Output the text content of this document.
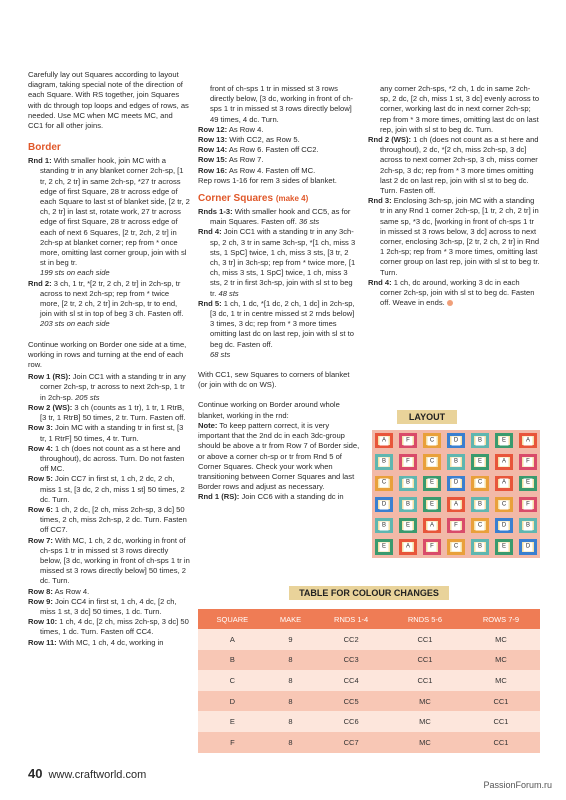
Carefully lay out Squares according to layout diagram, taking special note of the direction of each Square. With RS together, join Squares with dc through top loops and edges of rows, as needed. Use MC when MC meets MC, and CC1 for all other joins.

Border
Rnd 1: With smaller hook, join MC with a standing tr in any blanket corner 2ch-sp, [1 tr, 2 ch, 2 tr] in same 2ch-sp, *27 tr across edge of first Square, 28 tr across edge of each Square to last st of blanket side, [2 tr, 2 ch, 2 tr] in last st, rotate work, 27 tr across edge of first Square, 28 tr across edge of each of next 6 Squares, [2 tr, 2ch, 2 tr] in 2ch-sp at blanket corner; rep from * once more, omitting last corner group, join with sl st in beg tr.
199 sts on each side

Rnd 2: 3 ch, 1 tr, *[2 tr, 2 ch, 2 tr] in 2ch-sp, tr across to next 2ch-sp; rep from * twice more, [2 tr, 2 ch, 2 tr] in 2ch-sp, tr to end, join with sl st in top of beg 3 ch. Fasten off. 203 sts on each side

Continue working on Border one side at a time, working in rows and turning at the end of each row.

Row 1 (RS): Join CC1 with a standing tr in any corner 2ch-sp, tr across to next 2ch-sp, 1 tr in 2ch-sp. 205 sts
Row 2 (WS): 3 ch (counts as 1 tr), 1 tr, 1 RtrB, [3 tr, 1 RtrB] 50 times, 2 tr. Turn. Fasten off.
Row 3: Join MC with a standing tr in first st, [3 tr, 1 RtrF] 50 times, 4 tr. Turn.
Row 4: 1 ch (does not count as a st here and throughout), dc across. Turn. Do not fasten off MC.
Row 5: Join CC7 in first st, 1 ch, 2 dc, 2 ch, miss 1 st, [3 dc, 2 ch, miss 1 st] 50 times, 2 dc. Turn.
Row 6: 1 ch, 2 dc, [2 ch, miss 2ch-sp, 3 dc] 50 times, 2 ch, miss 2ch-sp, 2 dc. Turn. Fasten off CC7.
Row 7: With MC, 1 ch, 2 dc, working in front of ch-sps 1 tr in missed st 3 rows directly below, [3 dc, working in front of ch-sps 1 tr in missed st 3 rows directly below] 50 times, 2 dc. Turn.
Row 8: As Row 4.
Row 9: Join CC4 in first st, 1 ch, 4 dc, [2 ch, miss 1 st, 3 dc] 50 times, 1 dc. Turn.
Row 10: 1 ch, 4 dc, [2 ch, miss 2ch-sp, 3 dc] 50 times, 1 dc. Turn. Fasten off CC4.
Row 11: With MC, 1 ch, 4 dc, working in
front of ch-sps 1 tr in missed st 3 rows directly below, [3 dc, working in front of ch-sps 1 tr in missed st 3 rows directly below] 49 times, 4 dc. Turn.
Row 12: As Row 4.
Row 13: With CC2, as Row 5.
Row 14: As Row 6. Fasten off CC2.
Row 15: As Row 7.
Row 16: As Row 4. Fasten off MC.
Rep rows 1-16 for rem 3 sides of blanket.
Corner Squares (make 4)
Rnds 1-3: With smaller hook and CC5, as for main Squares. Fasten off. 36 sts
Rnd 4: Join CC1 with a standing tr in any 3ch-sp, 2 ch, 3 tr in same 3ch-sp, *[1 ch, miss 3 sts, 1 SpC] twice, 1 ch, miss 3 sts, [3 tr, 2 ch, 3 tr] in 3ch-sp; rep from * twice more, [1 ch, miss 3 sts, 1 SpC] twice, 1 ch, miss 3 sts, 2 tr in first 3ch-sp, join with sl st to beg tr. 48 sts

Rnd 5: 1 ch, 1 dc, *[1 dc, 2 ch, 1 dc] in 2ch-sp, [3 dc, 1 tr in centre missed st 2 rnds below] 3 times, 3 dc; rep from * 3 more times omitting last dc on last rep, join with sl st to beg dc. Fasten off.
68 sts

With CC1, sew Squares to corners of blanket (or join with dc on WS).

Continue working on Border around whole blanket, working in the rnd:
Note: To keep pattern correct, it is very important that the 2nd dc in each 3dc-group should be above a tr from Row 7 of Border side, or above a corner ch-sp or tr from Rnd 5 of Corner Squares. Check your work when transitioning between Corner Squares and last Border rows and adjust as necessary.
Rnd 1 (RS): Join CC6 with a standing dc in
any corner 2ch-sps, *2 ch, 1 dc in same 2ch-sp, 2 dc, [2 ch, miss 1 st, 3 dc] evenly across to corner, working last dc in next corner 2ch-sp; rep from * 3 more times, omitting last dc on last rep, join with sl st to beg dc. Turn.
Rnd 2 (WS): 1 ch (does not count as a st here and throughout), 2 dc, *[2 ch, miss 2ch-sp, 3 dc] across to next corner 2ch-sp, 3 ch, miss corner 2ch-sp, 3 dc; rep from * 3 more times omitting last 2 dc on last rep, join with sl st to beg dc. Turn. Fasten off.
Rnd 3: Enclosing 3ch-sp, join MC with a standing tr in any Rnd 1 corner 2ch-sp, [1 tr, 2 ch, 2 tr] in same sp, *3 dc, [working in front of ch-sps 1 tr in missed st 3 rows below, 3 dc] across to next corner, enclosing 3ch-sp, [2 tr, 2 ch, 2 tr] in Rnd 1 2ch-sp; rep from * 3 more times, omitting last corner group on last rep, join with sl st to beg tr. Turn.
Rnd 4: 1 ch, dc around, working 3 dc in each corner 2ch-sp, join with sl st to beg dc. Fasten off. Weave in ends.
LAYOUT
A	F	C	D	B	E	A
B	F	C	B	E	A	F
C	B	E	D	C	A	E
D	B	E	A	B	C	F
B	E	A	F	C	D	B
E	A	F	C	B	E	D
TABLE FOR COLOUR CHANGES
SQUARE	MAKE	RNDS 1-4	RNDS 5-6	ROWS 7-9
A	9	CC2	CC1	MC
B	8	CC3	CC1	MC
C	8	CC4	CC1	MC
D	8	CC5	MC	CC1
E	8	CC6	MC	CC1
F	8	CC7	MC	CC1
40 www.craftworld.com
PassionForum.ru
